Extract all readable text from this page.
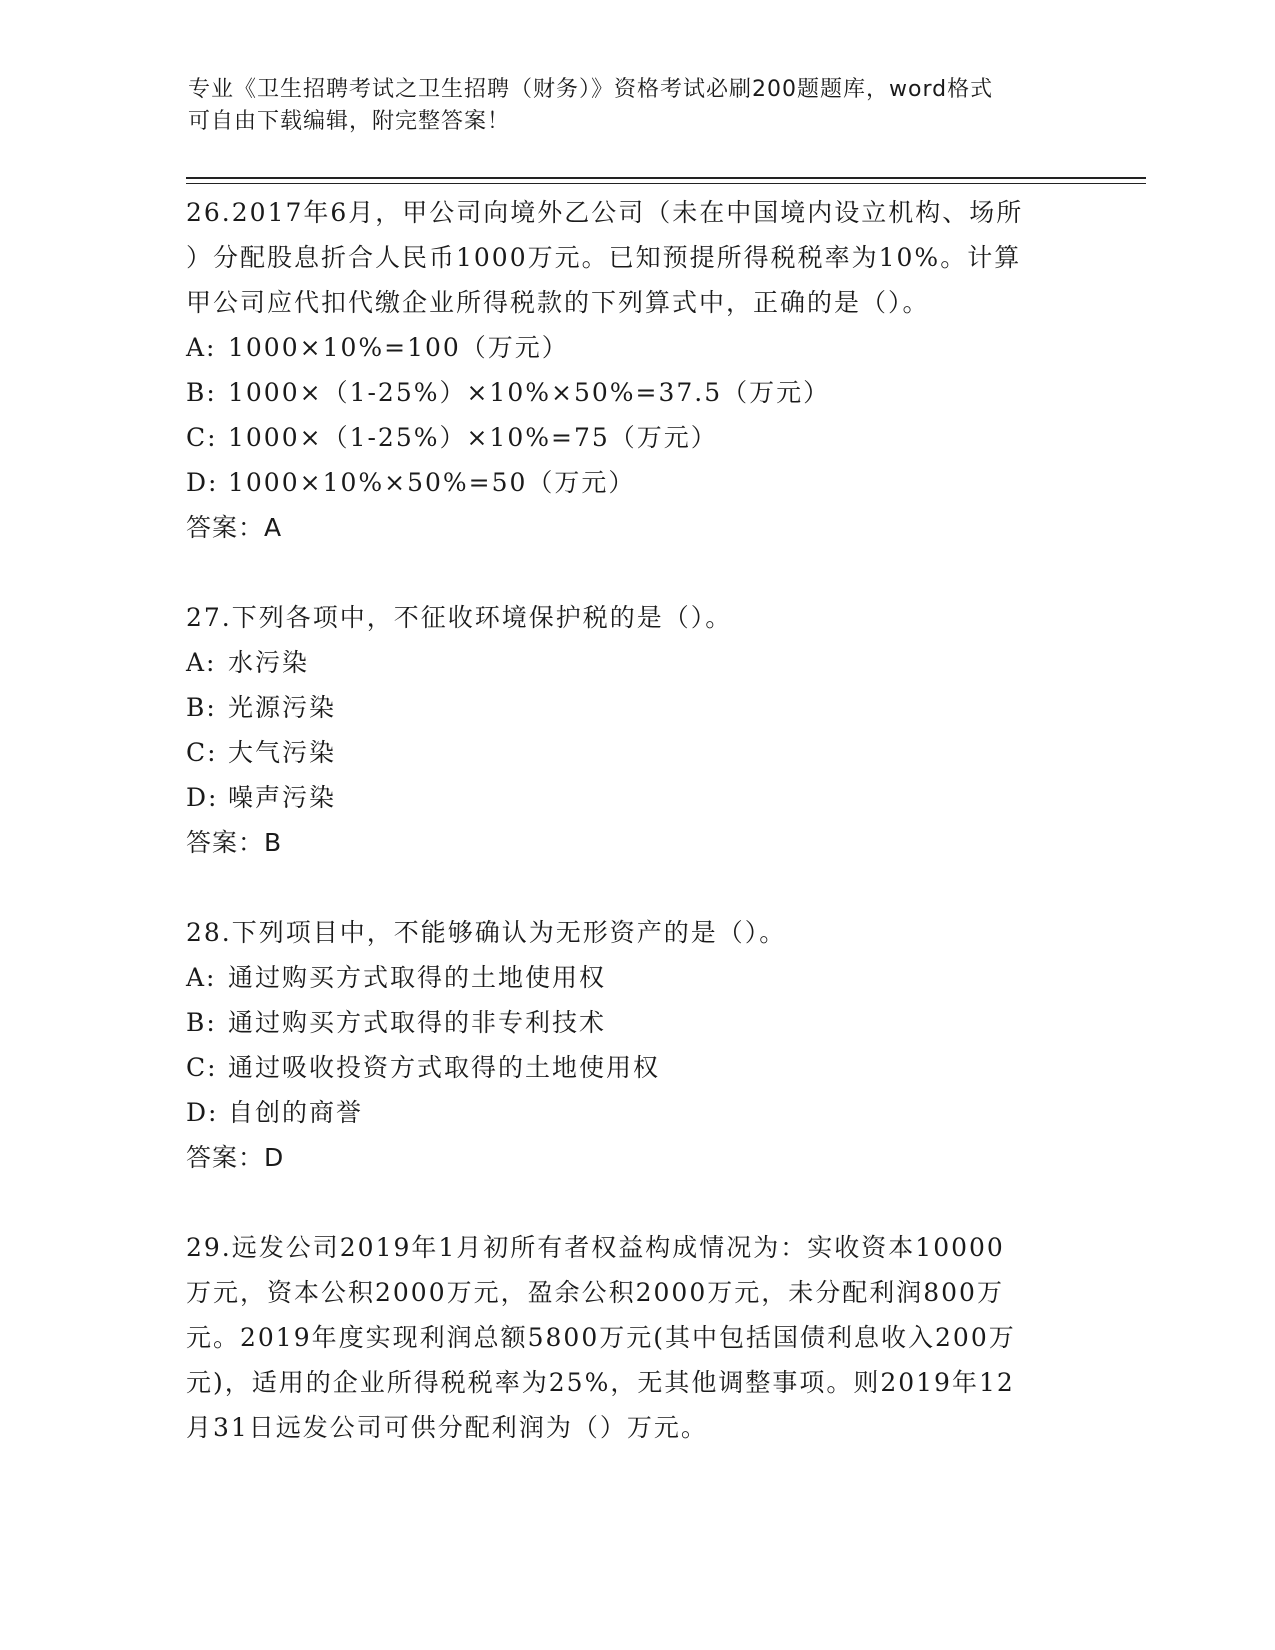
专业《卫生招聘考试之卫生招聘（财务）》资格考试必刷200题题库，word格式
可自由下载编辑，附完整答案！
26.2017年6月，甲公司向境外乙公司（未在中国境内设立机构、场所
）分配股息折合人民币1000万元。已知预提所得税税率为10%。计算
甲公司应代扣代缴企业所得税款的下列算式中，正确的是（）。
A: 1000×10%=100（万元）
B: 1000×（1-25%）×10%×50%=37.5（万元）
C: 1000×（1-25%）×10%=75（万元）
D: 1000×10%×50%=50（万元）
答案：A
27.下列各项中，不征收环境保护税的是（）。
A: 水污染
B: 光源污染
C: 大气污染
D: 噪声污染
答案：B
28.下列项目中，不能够确认为无形资产的是（）。
A: 通过购买方式取得的土地使用权
B: 通过购买方式取得的非专利技术
C: 通过吸收投资方式取得的土地使用权
D: 自创的商誉
答案：D
29.远发公司2019年1月初所有者权益构成情况为：实收资本10000
万元，资本公积2000万元，盈余公积2000万元，未分配利润800万
元。2019年度实现利润总额5800万元(其中包括国债利息收入200万
元)，适用的企业所得税税率为25%，无其他调整事项。则2019年12
月31日远发公司可供分配利润为（）万元。
